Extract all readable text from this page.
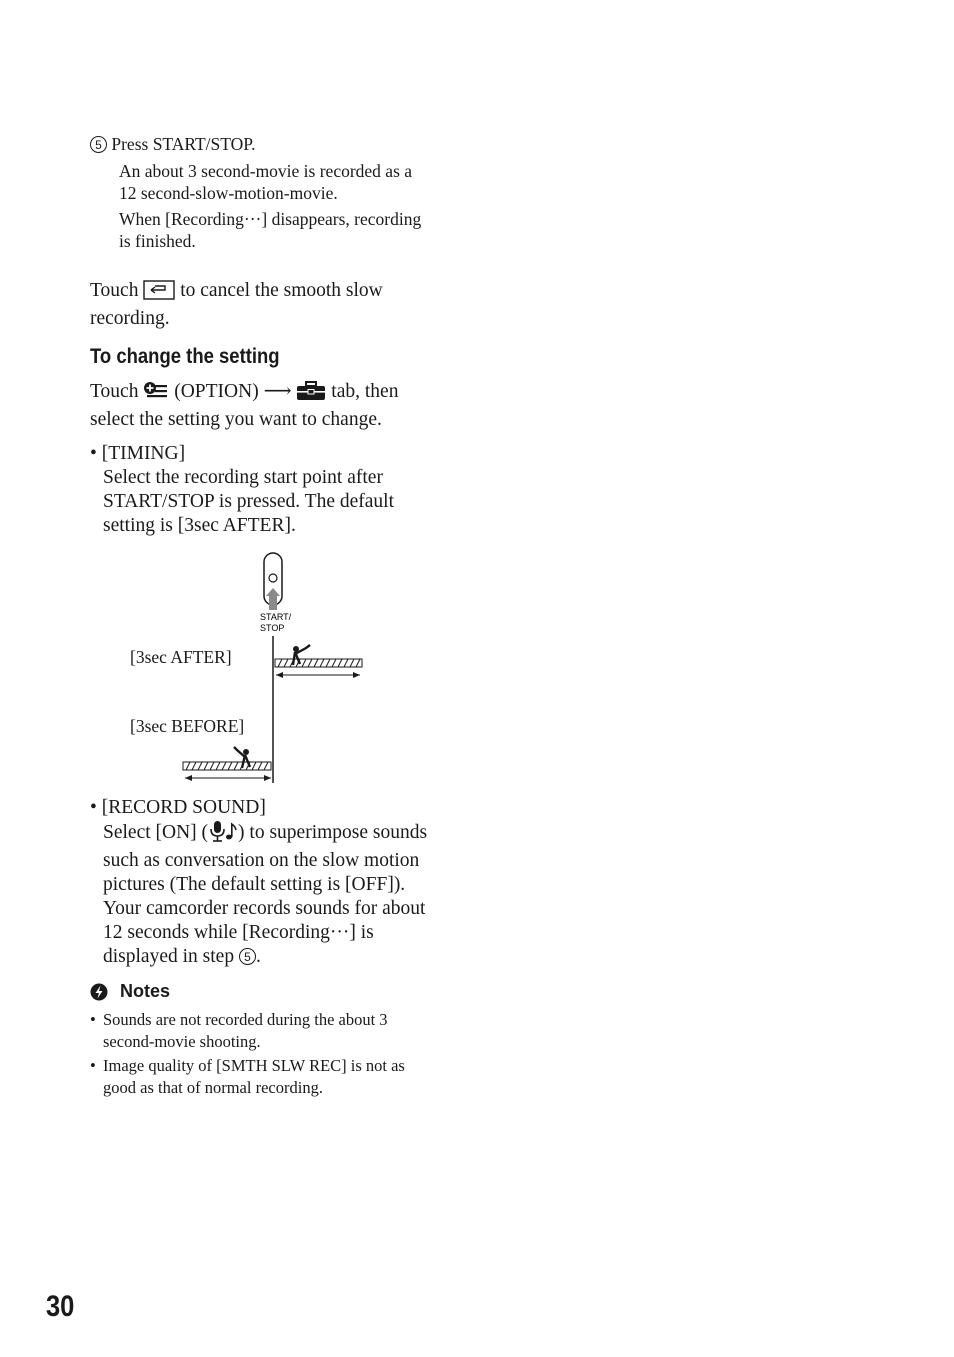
5 Press START/STOP.
An about 3 second-movie is recorded as a
12 second-slow-motion-movie.
When [Recording···] disappears, recording
is finished.
Touch to cancel the smooth slow
recording.
To change the setting
Touch (OPTION) ⟶ tab, then
select the setting you want to change.
• [TIMING]
Select the recording start point after
START/STOP is pressed. The default
setting is [3sec AFTER].
START/
STOP
[3sec AFTER]
[3sec BEFORE]
• [RECORD SOUND]
Select [ON] ( ) to superimpose sounds
such as conversation on the slow motion
pictures (The default setting is [OFF]).
Your camcorder records sounds for about
12 seconds while [Recording···] is
displayed in step 5 .
Notes
• Sounds are not recorded during the about 3
second-movie shooting.
• Image quality of [SMTH SLW REC] is not as
good as that of normal recording.
30
